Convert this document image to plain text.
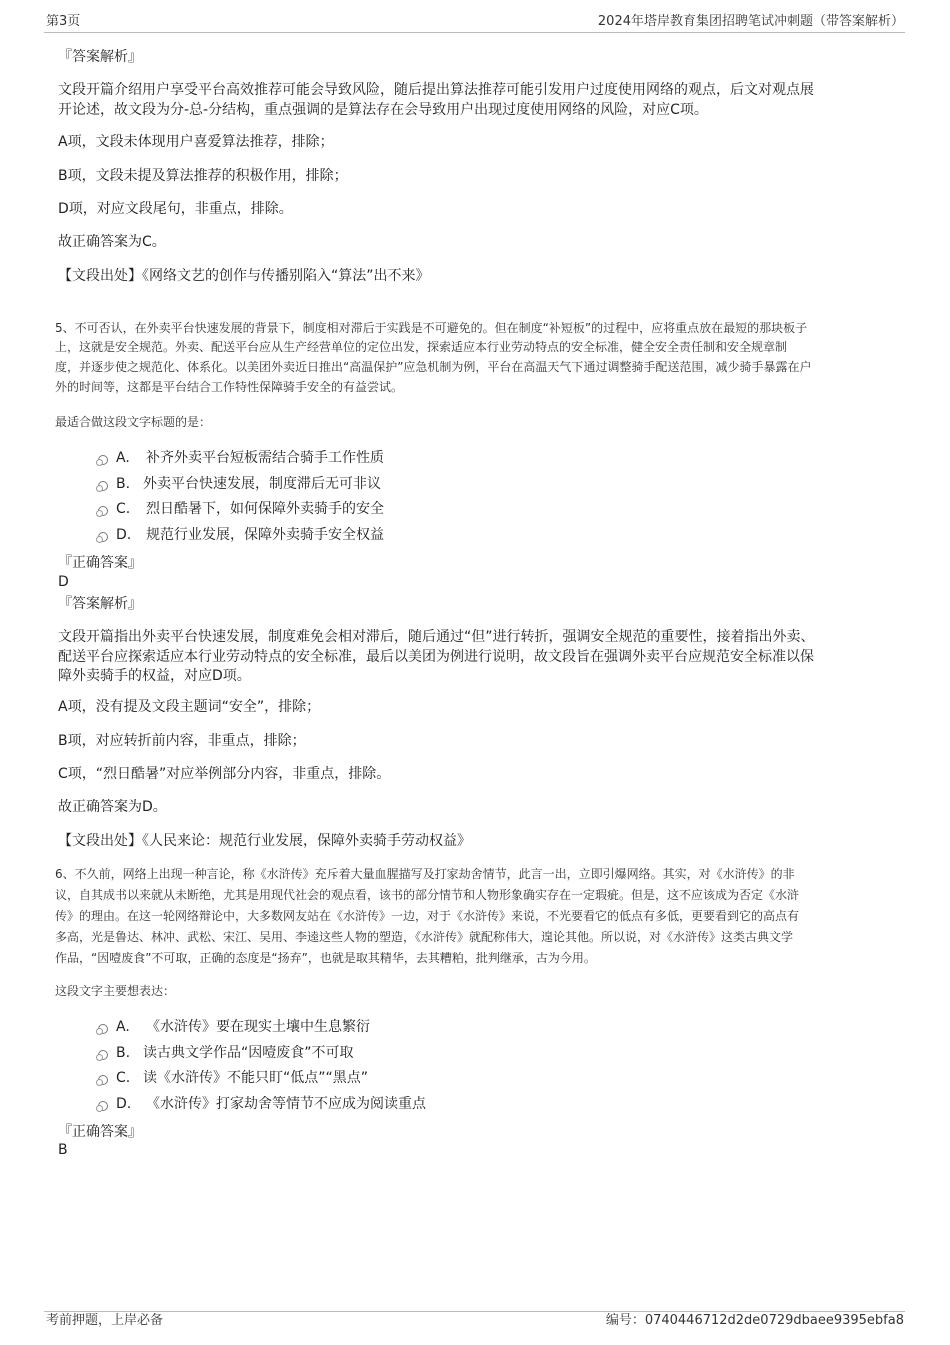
第3页	2024年塔岸教育集团招聘笔试冲刺题（带答案解析）
『答案解析』
文段开篇介绍用户享受平台高效推荐可能会导致风险，随后提出算法推荐可能引发用户过度使用网络的观点，后文对观点展
开论述，故文段为分-总-分结构，重点强调的是算法存在会导致用户出现过度使用网络的风险，对应C项。
A项，文段未体现用户喜爱算法推荐，排除；
B项，文段未提及算法推荐的积极作用，排除；
D项，对应文段尾句，非重点，排除。
故正确答案为C。
【文段出处】《网络文艺的创作与传播别陷入“算法”出不来》
5、不可否认，在外卖平台快速发展的背景下，制度相对滞后于实践是不可避免的。但在制度“补短板”的过程中，应将重点放在最短的那块板子
上，这就是安全规范。外卖、配送平台应从生产经营单位的定位出发，探索适应本行业劳动特点的安全标准，健全安全责任制和安全规章制
度，并逐步使之规范化、体系化。以美团外卖近日推出“高温保护”应急机制为例，平台在高温天气下通过调整骑手配送范围，减少骑手暴露在户
外的时间等，这都是平台结合工作特性保障骑手安全的有益尝试。
最适合做这段文字标题的是：
A. 补齐外卖平台短板需结合骑手工作性质
B. 外卖平台快速发展，制度滞后无可非议
C. 烈日酷暑下，如何保障外卖骑手的安全
D. 规范行业发展，保障外卖骑手安全权益
『正确答案』
D
『答案解析』
文段开篇指出外卖平台快速发展，制度难免会相对滞后，随后通过“但”进行转折，强调安全规范的重要性，接着指出外卖、
配送平台应探索适应本行业劳动特点的安全标准，最后以美团为例进行说明，故文段旨在强调外卖平台应规范安全标准以保
障外卖骑手的权益，对应D项。
A项，没有提及文段主题词“安全”，排除；
B项，对应转折前内容，非重点，排除；
C项，“烈日酷暑”对应举例部分内容，非重点，排除。
故正确答案为D。
【文段出处】《人民来论：规范行业发展，保障外卖骑手劳动权益》
6、不久前，网络上出现一种言论，称《水浒传》充斥着大量血腥描写及打家劫舍情节，此言一出，立即引爆网络。其实，对《水浒传》的非
议，自其成书以来就从未断绝，尤其是用现代社会的观点看，该书的部分情节和人物形象确实存在一定瑕疵。但是，这不应该成为否定《水浒
传》的理由。在这一轮网络辩论中，大多数网友站在《水浒传》一边，对于《水浒传》来说，不光要看它的低点有多低，更要看到它的高点有
多高，光是鲁达、林冲、武松、宋江、吴用、李逵这些人物的塑造，《水浒传》就配称伟大，遑论其他。所以说，对《水浒传》这类古典文学
作品，“因噎废食”不可取，正确的态度是“扬弃”，也就是取其精华，去其糟粕，批判继承，古为今用。
这段文字主要想表达：
A. 《水浒传》要在现实土壤中生息繁衍
B. 读古典文学作品“因噎废食”不可取
C. 读《水浒传》不能只盯“低点”“黑点”
D. 《水浒传》打家劫舍等情节不应成为阅读重点
『正确答案』
B
考前押题，上岸必备	编号：0740446712d2de0729dbaee9395ebfa8
